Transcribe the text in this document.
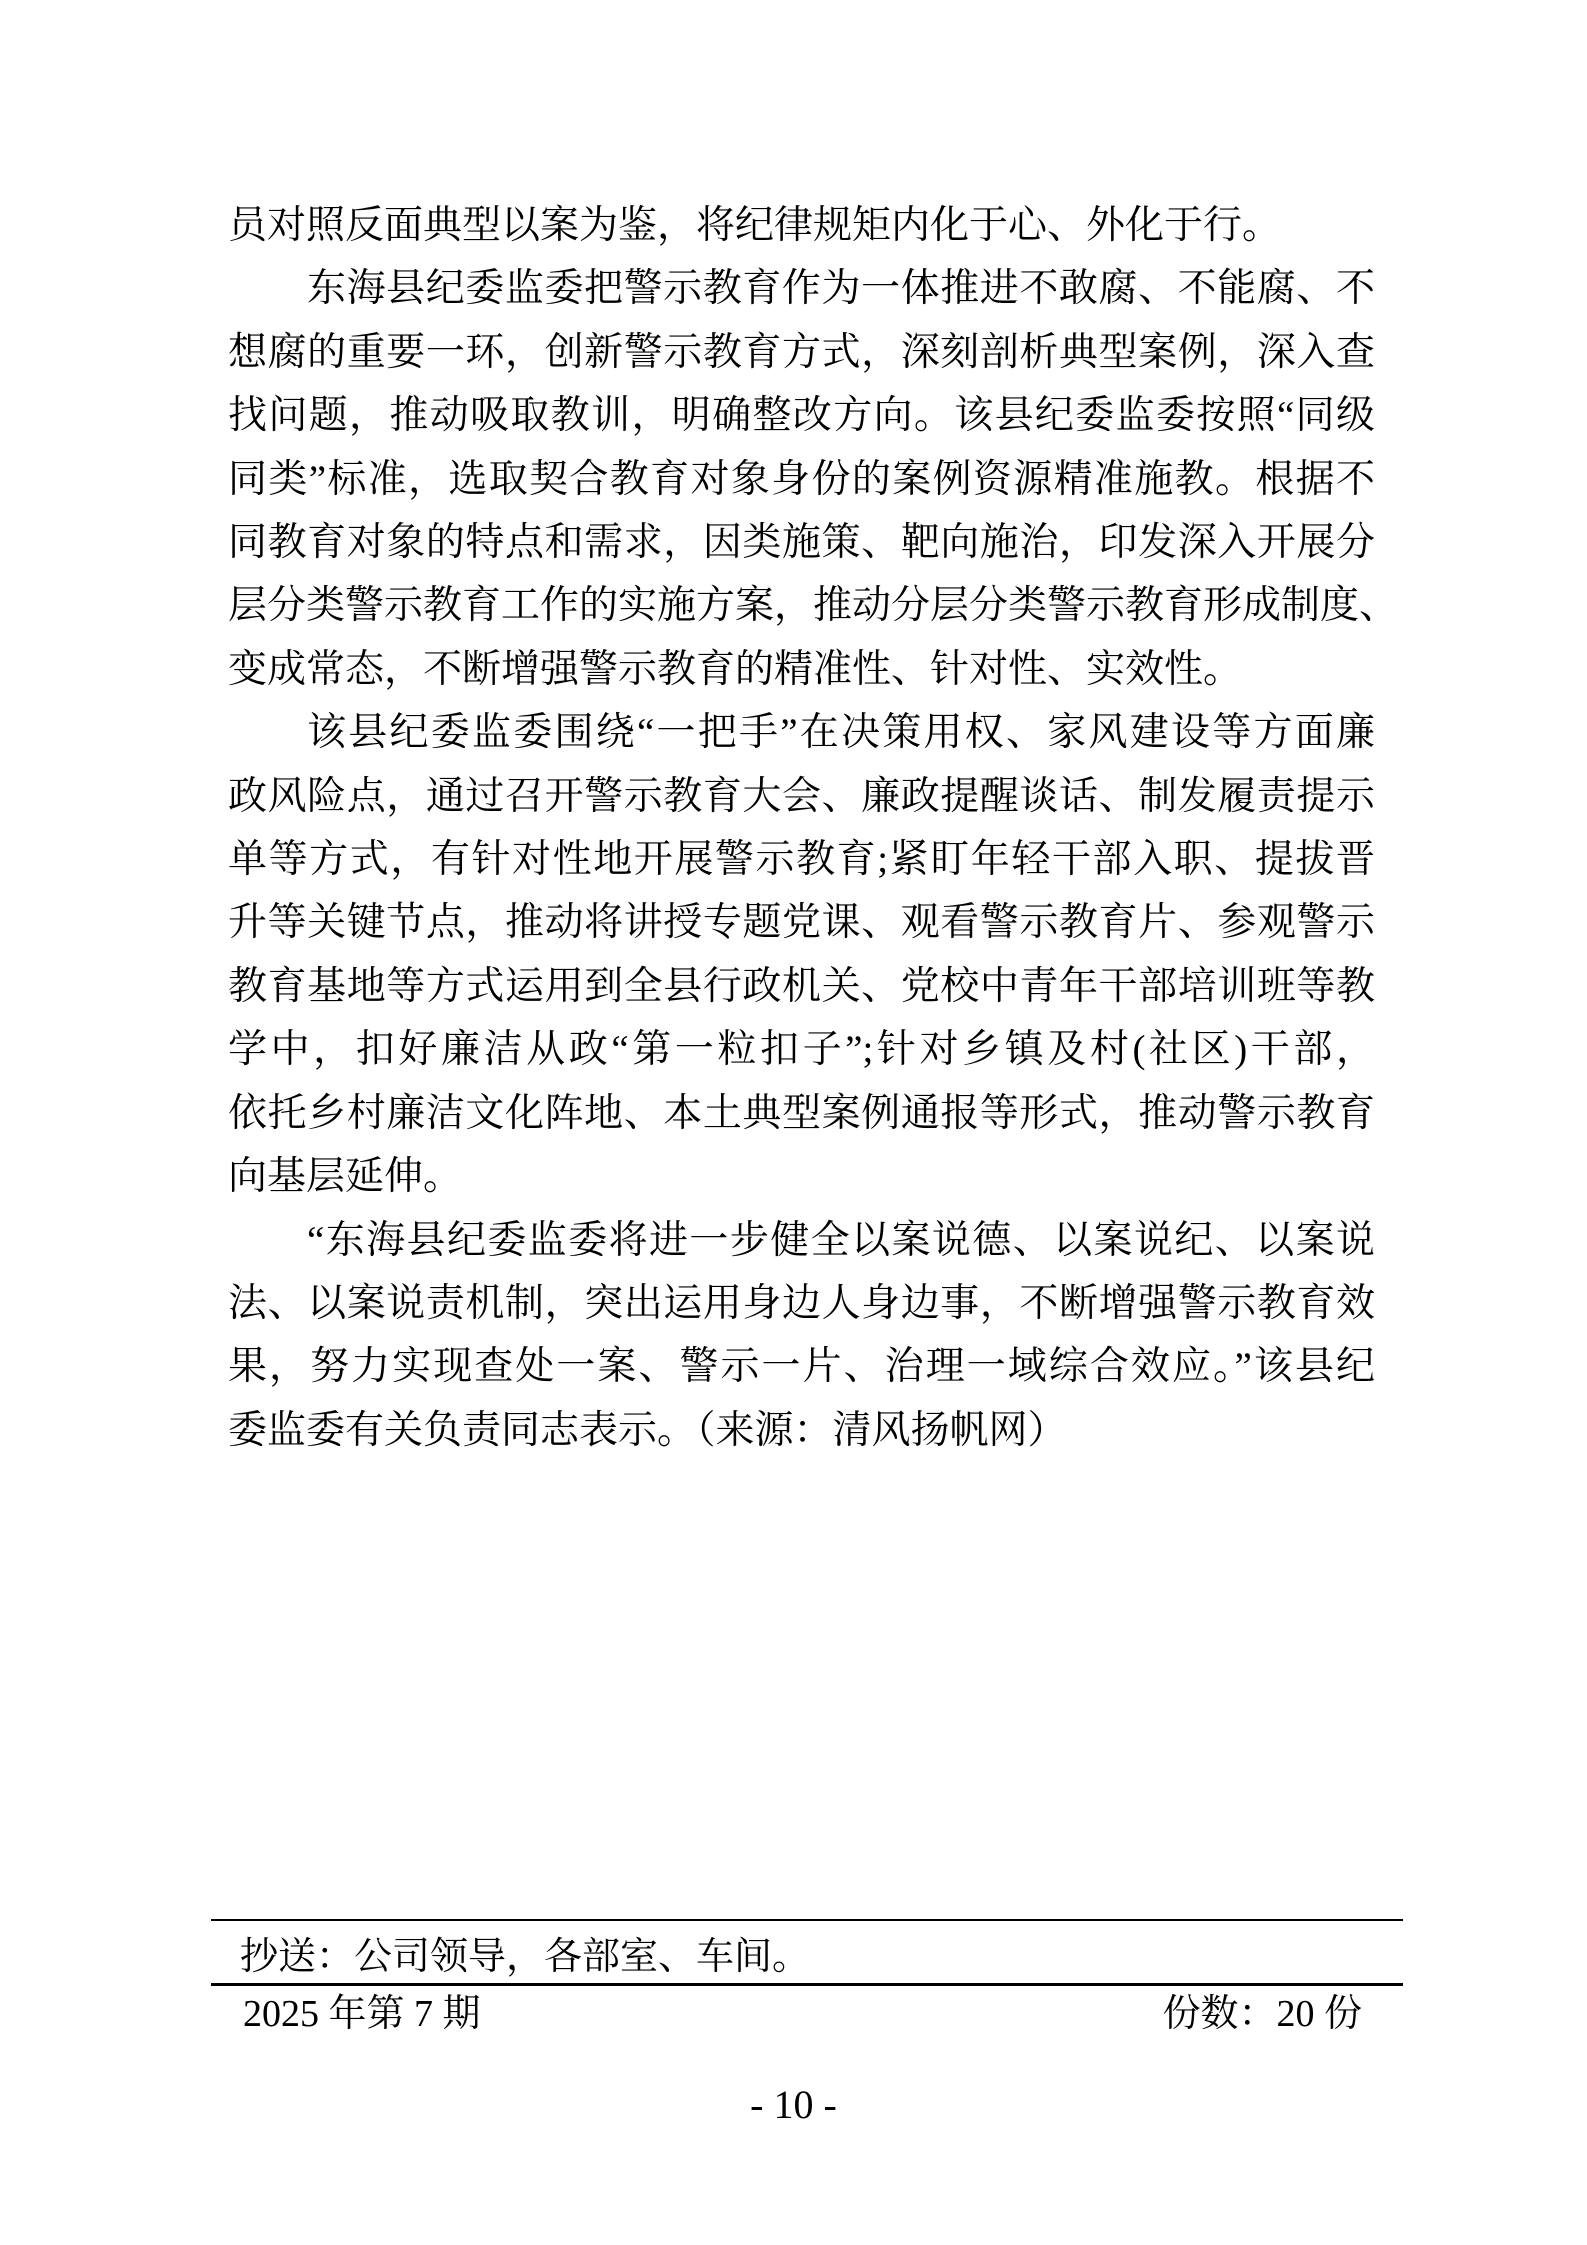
员对照反面典型以案为鉴，将纪律规矩内化于心、外化于行。
东海县纪委监委把警示教育作为一体推进不敢腐、不能腐、不
想腐的重要一环，创新警示教育方式，深刻剖析典型案例，深入查
找问题，推动吸取教训，明确整改方向。该县纪委监委按照“同级
同类”标准，选取契合教育对象身份的案例资源精准施教。根据不
同教育对象的特点和需求，因类施策、靶向施治，印发深入开展分
层分类警示教育工作的实施方案，推动分层分类警示教育形成制度、
变成常态，不断增强警示教育的精准性、针对性、实效性。
该县纪委监委围绕“一把手”在决策用权、家风建设等方面廉
政风险点，通过召开警示教育大会、廉政提醒谈话、制发履责提示
单等方式，有针对性地开展警示教育;紧盯年轻干部入职、提拔晋
升等关键节点，推动将讲授专题党课、观看警示教育片、参观警示
教育基地等方式运用到全县行政机关、党校中青年干部培训班等教
学中，扣好廉洁从政“第一粒扣子”;针对乡镇及村(社区)干部，
依托乡村廉洁文化阵地、本土典型案例通报等形式，推动警示教育
向基层延伸。
“东海县纪委监委将进一步健全以案说德、以案说纪、以案说
法、以案说责机制，突出运用身边人身边事，不断增强警示教育效
果，努力实现查处一案、警示一片、治理一域综合效应。”该县纪
委监委有关负责同志表示。（来源：清风扬帆网）
抄送：公司领导，各部室、车间。
2025 年第 7 期	份数：20 份
- 10 -
